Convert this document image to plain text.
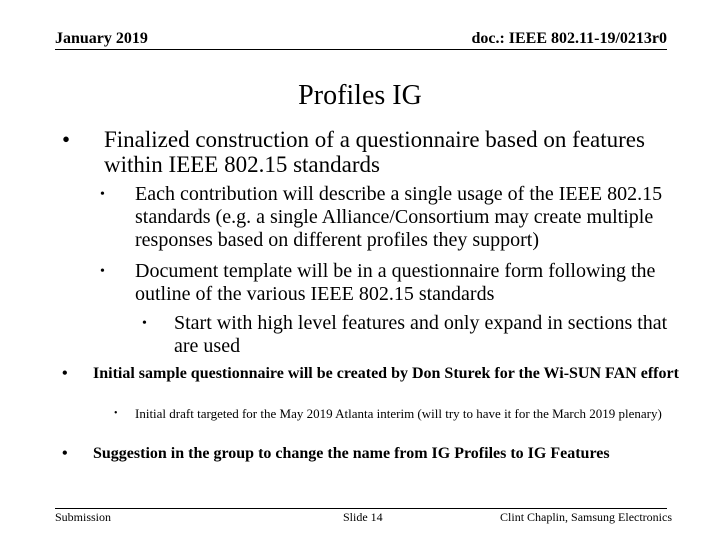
January 2019	doc.: IEEE 802.11-19/0213r0
Profiles IG
• Finalized construction of a questionnaire based on features within IEEE 802.15 standards
• Each contribution will describe a single usage of the IEEE 802.15 standards (e.g. a single Alliance/Consortium may create multiple responses based on different profiles they support)
• Document template will be in a questionnaire form following the outline of the various IEEE 802.15 standards
• Start with high level features and only expand in sections that are used
• Initial sample questionnaire will be created by Don Sturek for the Wi-SUN FAN effort
• Initial draft targeted for the May 2019 Atlanta interim (will try to have it for the March 2019 plenary)
• Suggestion in the group to change the name from IG Profiles to IG Features
Submission	Slide 14	Clint Chaplin, Samsung Electronics
